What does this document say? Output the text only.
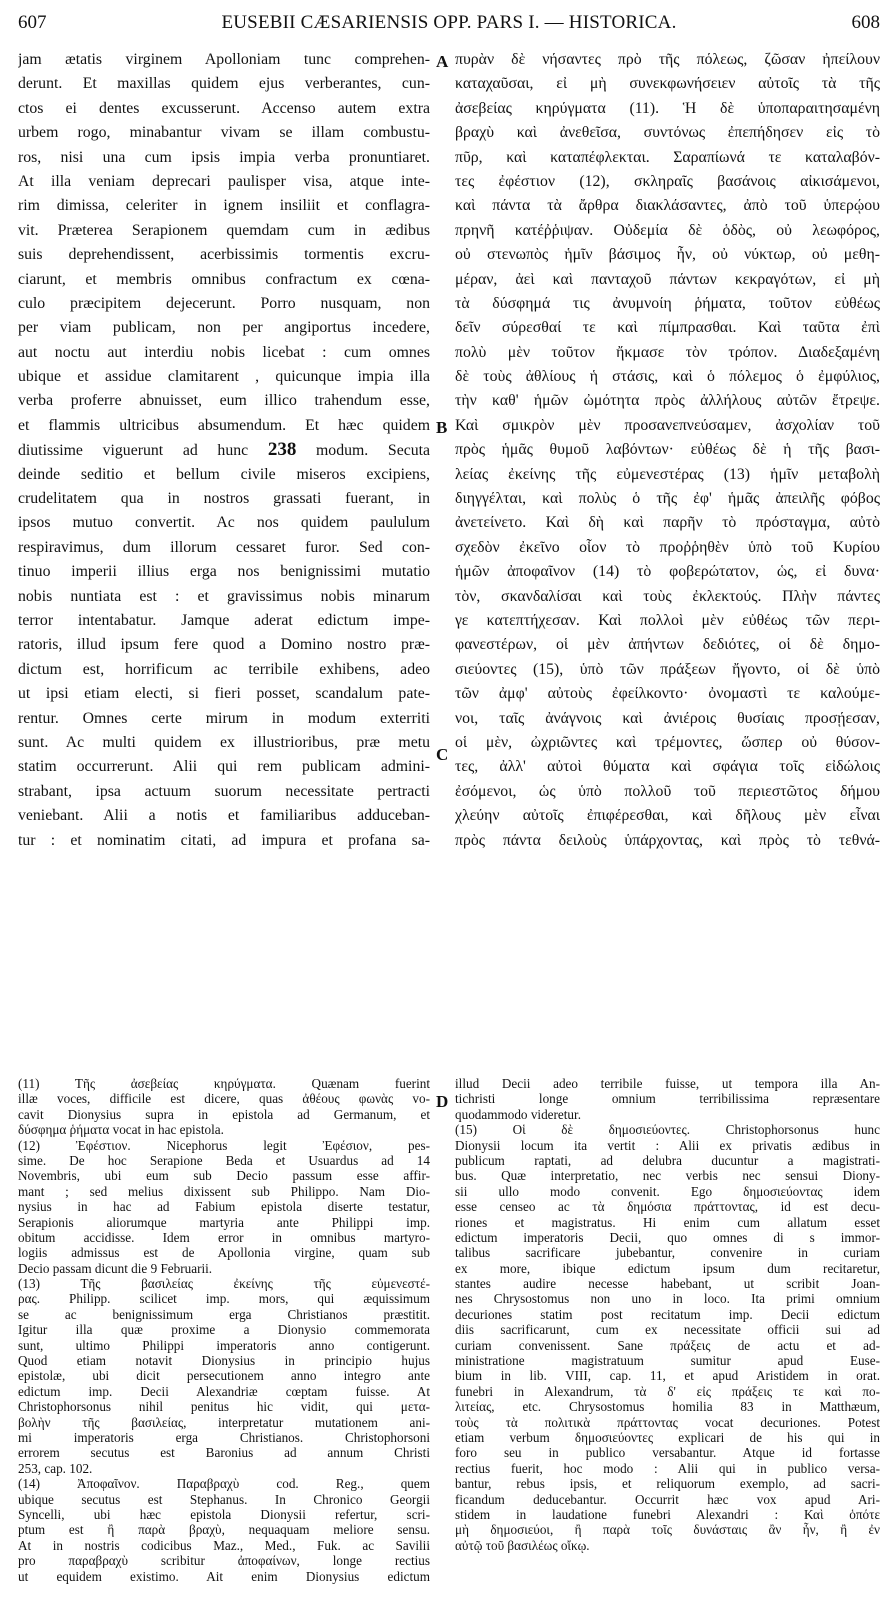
607	EUSEBII CÆSARIENSIS OPP. PARS I. — HISTORICA.	608
A
B
C
D
jam ætatis virginem Apolloniam tunc comprehen-
derunt. Et maxillas quidem ejus verberantes, cun-
ctos ei dentes excusserunt. Accenso autem extra
urbem rogo, minabantur vivam se illam combustu-
ros, nisi una cum ipsis impia verba pronuntiaret.
At illa veniam deprecari paulisper visa, atque inte-
rim dimissa, celeriter in ignem insiliit et conflagra-
vit. Præterea Serapionem quemdam cum in ædibus
suis deprehendissent, acerbissimis tormentis excru-
ciarunt, et membris omnibus confractum ex cœna-
culo præcipitem dejecerunt. Porro nusquam, non
per viam publicam, non per angiportus incedere,
aut noctu aut interdiu nobis licebat : cum omnes
ubique et assidue clamitarent , quicunque impia illa
verba proferre abnuisset, eum illico trahendum esse,
et flammis ultricibus absumendum. Et hæc quidem
diutissime viguerunt ad hunc 238 modum. Secuta
deinde seditio et bellum civile miseros excipiens,
crudelitatem qua in nostros grassati fuerant, in
ipsos mutuo convertit. Ac nos quidem paululum
respiravimus, dum illorum cessaret furor. Sed con-
tinuo imperii illius erga nos benignissimi mutatio
nobis nuntiata est : et gravissimus nobis minarum
terror intentabatur. Jamque aderat edictum impe-
ratoris, illud ipsum fere quod a Domino nostro præ-
dictum est, horrificum ac terribile exhibens, adeo
ut ipsi etiam electi, si fieri posset, scandalum pate-
rentur. Omnes certe mirum in modum exterriti
sunt. Ac multi quidem ex illustrioribus, præ metu
statim occurrerunt. Alii qui rem publicam admini-
strabant, ipsa actuum suorum necessitate pertracti
veniebant. Alii a notis et familiaribus adduceban-
tur : et nominatim citati, ad impura et profana sa-
πυρὰν δὲ νήσαντες πρὸ τῆς πόλεως, ζῶσαν ἠπείλουν
καταχαῦσαι, εἰ μὴ συνεκφωνήσειεν αὐτοῖς τὰ τῆς
ἀσεβείας κηρύγματα (11). Ἡ δὲ ὑποπαραιτησαμένη
βραχὺ καὶ ἀνεθεῖσα, συντόνως ἐπεπήδησεν εἰς τὸ
πῦρ, καὶ καταπέφλεκται. Σαραπίωνά τε καταλαβόν-
τες ἐφέστιον (12), σκληραῖς βασάνοις αἰκισάμενοι,
καὶ πάντα τὰ ἄρθρα διακλάσαντες, ἀπὸ τοῦ ὑπερῴου
πρηνῆ κατέῤῥιψαν. Οὐδεμία δὲ ὁδὸς, οὐ λεωφόρος,
οὐ στενωπὸς ἡμῖν βάσιμος ἦν, οὐ νύκτωρ, οὐ μεθη-
μέραν, ἀεὶ καὶ πανταχοῦ πάντων κεκραγότων, εἰ μὴ
τὰ δύσφημά τις ἀνυμνοίη ῥήματα, τοῦτον εὐθέως
δεῖν σύρεσθαί τε καὶ πίμπρασθαι. Καὶ ταῦτα ἐπὶ
πολὺ μὲν τοῦτον ἤκμασε τὸν τρόπον. Διαδεξαμένη
δὲ τοὺς ἀθλίους ἡ στάσις, καὶ ὁ πόλεμος ὁ ἐμφύλιος,
τὴν καθ' ἡμῶν ὠμότητα πρὸς ἀλλήλους αὐτῶν ἔτρεψε.
Καὶ σμικρὸν μὲν προσανεπνεύσαμεν, ἀσχολίαν τοῦ
πρὸς ἡμᾶς θυμοῦ λαβόντων· εὐθέως δὲ ἡ τῆς βασι-
λείας ἐκείνης τῆς εὐμενεστέρας (13) ἡμῖν μεταβολὴ
διηγγέλται, καὶ πολὺς ὁ τῆς ἐφ' ἡμᾶς ἀπειλῆς φόβος
ἀνετείνετο. Καὶ δὴ καὶ παρῆν τὸ πρόσταγμα, αὐτὸ
σχεδὸν ἐκεῖνο οἷον τὸ προῤῥηθὲν ὑπὸ τοῦ Κυρίου
ἡμῶν ἀποφαῖνον (14) τὸ φοβερώτατον, ὡς, εἰ δυνα·
τὸν, σκανδαλίσαι καὶ τοὺς ἐκλεκτούς. Πλὴν πάντες
γε κατεπτήχεσαν. Καὶ πολλοὶ μὲν εὐθέως τῶν περι-
φανεστέρων, οἱ μὲν ἀπήντων δεδιότες, οἱ δὲ δημο-
σιεύοντες (15), ὑπὸ τῶν πράξεων ἤγοντο, οἱ δὲ ὑπὸ
τῶν ἀμφ' αὐτοὺς ἐφείλκοντο· ὀνομαστὶ τε καλούμε-
νοι, ταῖς ἀνάγνοις καὶ ἀνιέροις θυσίαις προσῄεσαν,
οἱ μὲν, ὠχριῶντες καὶ τρέμοντες, ὥσπερ οὐ θύσον-
τες, ἀλλ' αὐτοὶ θύματα καὶ σφάγια τοῖς εἰδώλοις
ἐσόμενοι, ὡς ὑπὸ πολλοῦ τοῦ περιεστῶτος δήμου
χλεύην αὐτοῖς ἐπιφέρεσθαι, καὶ δῆλους μὲν εἶναι
πρὸς πάντα δειλοὺς ὑπάρχοντας, καὶ πρὸς τὸ τεθνά-
(11) Τῆς ἀσεβείας κηρύγματα. Quænam fuerint
illæ voces, difficile est dicere, quas ἀθέους φωνὰς vo-
cavit Dionysius supra in epistola ad Germanum, et
δύσφημα ῥήματα vocat in hac epistola.
(12) Ἐφέστιον. Nicephorus legit Ἐφέσιον, pes-
sime. De hoc Serapione Beda et Usuardus ad 14
Novembris, ubi eum sub Decio passum esse affir-
mant ; sed melius dixissent sub Philippo. Nam Dio-
nysius in hac ad Fabium epistola diserte testatur,
Serapionis aliorumque martyria ante Philippi imp.
obitum accidisse. Idem error in omnibus martyro-
logiis admissus est de Apollonia virgine, quam sub
Decio passam dicunt die 9 Februarii.
(13) Τῆς βασιλείας ἐκείνης τῆς εὐμενεστέ-
ρας. Philipp. scilicet imp. mors, qui æquissimum
se ac benignissimum erga Christianos præstitit.
Igitur illa quæ proxime a Dionysio commemorata
sunt, ultimo Philippi imperatoris anno contigerunt.
Quod etiam notavit Dionysius in principio hujus
epistolæ, ubi dicit persecutionem anno integro ante
edictum imp. Decii Alexandriæ cœptam fuisse. At
Christophorsonus nihil penitus hic vidit, qui μετα-
βολὴν τῆς βασιλείας, interpretatur mutationem ani-
mi imperatoris erga Christianos. Christophorsoni
errorem secutus est Baronius ad annum Christi
253, cap. 102.
(14) Ἀποφαῖνον. Παραβραχὺ cod. Reg., quem
ubique secutus est Stephanus. In Chronico Georgii
Syncelli, ubi hæc epistola Dionysii refertur, scri-
ptum est ἢ παρὰ βραχὺ, nequaquam meliore sensu.
At in nostris codicibus Maz., Med., Fuk. ac Savilii
pro παραβραχὺ scribitur ἀποφαίνων, longe rectius
ut equidem existimo. Ait enim Dionysius edictum
illud Decii adeo terribile fuisse, ut tempora illa An-
tichristi longe omnium terribilissima repræsentare
quodammodo videretur.
(15) Οἱ δὲ δημοσιεύοντες. Christophorsonus hunc
Dionysii locum ita vertit : Alii ex privatis ædibus in
publicum raptati, ad delubra ducuntur a magistrati-
bus. Quæ interpretatio, nec verbis nec sensui Diony-
sii ullo modo convenit. Ego δημοσιεύοντας idem
esse censeo ac τὰ δημόσια πράττοντας, id est decu-
riones et magistratus. Hi enim cum allatum esset
edictum imperatoris Decii, quo omnes di s immor-
talibus sacrificare jubebantur, convenire in curiam
ex more, ibique edictum ipsum dum recitaretur,
stantes audire necesse habebant, ut scribit Joan-
nes Chrysostomus non uno in loco. Ita primi omnium
decuriones statim post recitatum imp. Decii edictum
diis sacrificarunt, cum ex necessitate officii sui ad
curiam convenissent. Sane πράξεις de actu et ad-
ministratione magistratuum sumitur apud Euse-
bium in lib. VIII, cap. 11, et apud Aristidem in orat.
funebri in Alexandrum, τὰ δ' εἰς πράξεις τε καὶ πο-
λιτείας, etc. Chrysostomus homilia 83 in Matthæum,
τοὺς τὰ πολιτικὰ πράττοντας vocat decuriones. Potest
etiam verbum δημοσιεύοντες explicari de his qui in
foro seu in publico versabantur. Atque id fortasse
rectius fuerit, hoc modo : Alii qui in publico versa-
bantur, rebus ipsis, et reliquorum exemplo, ad sacri-
ficandum deducebantur. Occurrit hæc vox apud Ari-
stidem in laudatione funebri Alexandri : Καὶ ὁπότε
μὴ δημοσιεύοι, ἢ παρὰ τοῖς δυνάσταις ἂν ἦν, ἢ ἐν
αὐτῷ τοῦ βασιλέως οἴκῳ.
